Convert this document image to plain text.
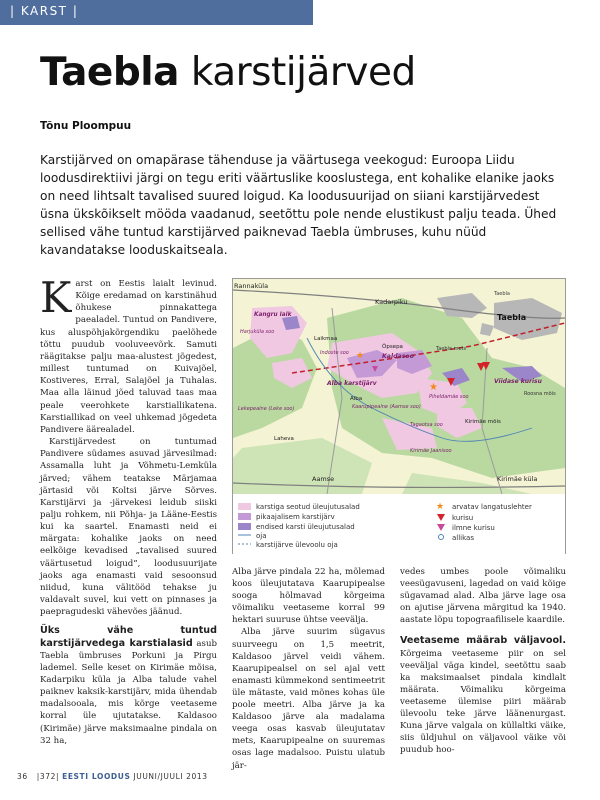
| KARST |
Taebla karstijärved
Tõnu Ploompuu

Karstijärved on omapärase tähenduse ja väärtusega veekogud: Euroopa Liidu loodusdirektiivi järgi on tegu eriti väärtuslike kooslustega, ent kohalike elanike jaoks on need lihtsalt tavalised suured loigud. Ka loodusuurijad on siiani karstijärvedest üsna ükskõikselt mööda vaadanud, seetõttu pole nende elustikust palju teada. Ühed sellised vähe tuntud karstijärved paiknevad Taebla ümbruses, kuhu nüüd kavandatakse looduskaitseala.

Karst on Eestis laialt levinud. Kõige eredamad on karstinähud õhukese pinnakattega paealadel. Tuntud on Pandivere, kus aluspõhjakõrgendiku paelõhede tõttu puudub vooluveevõrk. Samuti räägitakse palju maa-alustest jõgedest, millest tuntumad on Kuivajõel, Kostiveres, Erral, Salajõel ja Tuhalas. Maa alla läinud jõed taluvad taas maa peale veerohkete karstiallikatena. Karstiallikad on veel uhkemad jõgedeta Pandivere äärealadel.

Karstijärvedest on tuntumad Pandivere südames asuvad järvesilmad: Assamalla luht ja Võhmetu-Lemküla järved; vähem teatakse Märjamaa järtasid või Koltsi järve Sõrves. Karstijärvi ja -järvekesi leidub siiski palju rohkem, nii Põhja- ja Lääne-Eestis kui ka saartel. Enamasti neid ei märgata: kohalike jaoks on need eelkõige kevadised „tavalised suured väärtusetud loigud”, loodusuurijate jaoks aga enamasti vaid sesoonsud niidud, kuna välitööd tehakse ju valdavalt suvel, kui vett on pinnases ja paepragudeski vähevões jäänud.

Üks vähe tuntud karstijärvedega karstialasid asub Taebla ümbruses Porkuni ja Pirgu lademel. Selle keset on Kirimäe mõisa, Kadarpiku küla ja Alba talude vahel paiknev kaksik-karstijärv, mida ühendab madalsooala, mis kõrge veetaseme korral üle ujutatakse. Kaldasoo (Kirimäe) järve maksimaalne pindala on 32 ha,

★
★
Rannaküla
Kadarpiku
Taebla
Taebla
Kangru laik
Harjuküla soo
Laikmaa
Õpsepa
Indoste soo	Kaldasoo
Taebla mets
Alba karstijärv
Alba
Kaarupipealne (Aamse soo)
Piheldamäe soo
Viidase kurisu
Roosna mõis
Lekepealne (Leke soo)
Laheva
Tagaotsa soo	Kirimäe mõis
Kirimäe Jaanisoo
Aamse	Kirimäe küla
karstiga seotud üleujutusalad
pikaajalisem karstijärv
endised karsti üleujutusalad
oja
karstijärve ülevoolu oja
★ arvatav langatuslehter
kurisu
ilmne kurisu
allikas

Alba järve pindala 22 ha, mõlemad koos üleujutatava Kaarupipealse sooga hõlmavad kõrgeima võimaliku veetaseme korral 99 hektari suuruse ühtse veevälja.

Alba järve suurim sügavus suurveegu on 1,5 meetrit, Kaldasoo järvel veidi vähem. Kaarupipealsel on sel ajal vett enamasti kümmekond sentimeetrit üle mätaste, vaid mõnes kohas üle poole meetri. Alba järve ja ka Kaldasoo järve ala madalama veega osas kasvab üleujutatav mets, Kaarupipealne on suuremas osas lage madalsoo. Puistu ulatub jär-

vedes umbes poole võimaliku veesügavuseni, lagedad on vaid kõige sügavamad alad. Alba järve lage osa on ajutise järvena märgitud ka 1940. aastate lõpu topograafilisele kaardile.

Veetaseme määrab väljavool. Kõrgeima veetaseme piir on sel veeväljal väga kindel, seetõttu saab ka maksimaalset pindala kindlalt määrata. Võimaliku kõrgeima veetaseme ülemise piiri määrab ülevoolu teke järve läänenurgast. Kuna järve valgala on küllaltki väike, siis üldjuhul on väljavool väike või puudub hoo-

36 |372| EESTI LOODUS JUUNI/JUULI 2013
